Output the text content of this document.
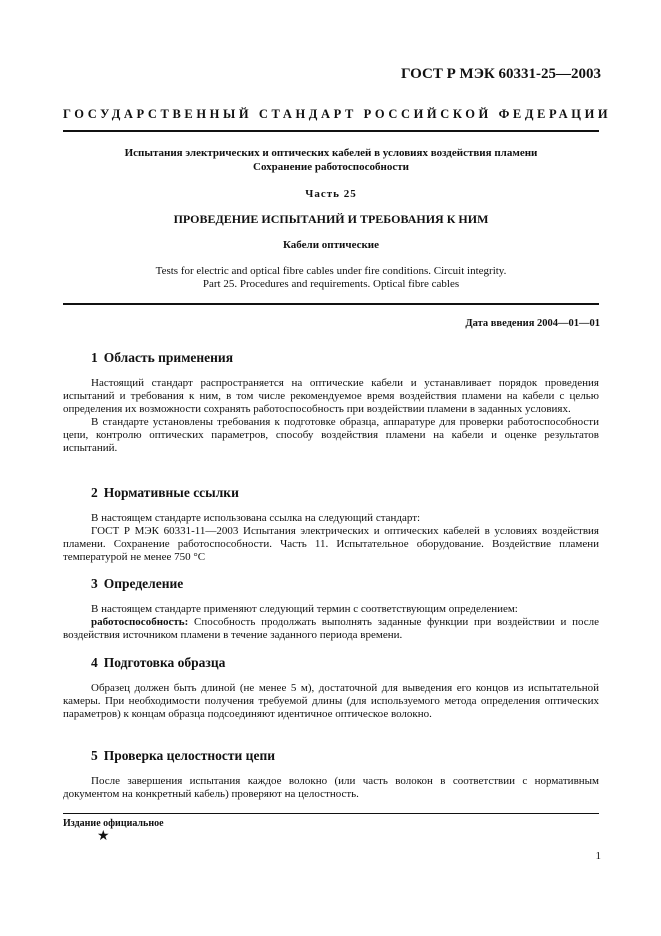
ГОСТ Р МЭК 60331-25—2003
ГОСУДАРСТВЕННЫЙ СТАНДАРТ РОССИЙСКОЙ ФЕДЕРАЦИИ
Испытания электрических и оптических кабелей в условиях воздействия пламени
Сохранение работоспособности
Часть 25
ПРОВЕДЕНИЕ ИСПЫТАНИЙ И ТРЕБОВАНИЯ К НИМ
Кабели оптические
Tests for electric and optical fibre cables under fire conditions. Circuit integrity.
Part 25. Procedures and requirements. Optical fibre cables
Дата введения 2004—01—01
1 Область применения

Настоящий стандарт распространяется на оптические кабели и устанавливает порядок проведения испытаний и требования к ним, в том числе рекомендуемое время воздействия пламени на кабели с целью определения их возможности сохранять работоспособность при воздействии пламени в заданных условиях.

В стандарте установлены требования к подготовке образца, аппаратуре для проверки работоспособности цепи, контролю оптических параметров, способу воздействия пламени на кабели и оценке результатов испытаний.

2 Нормативные ссылки

В настоящем стандарте использована ссылка на следующий стандарт:

ГОСТ Р МЭК 60331-11—2003 Испытания электрических и оптических кабелей в условиях воздействия пламени. Сохранение работоспособности. Часть 11. Испытательное оборудование. Воздействие пламени температурой не менее 750 °С

3 Определение

В настоящем стандарте применяют следующий термин с соответствующим определением:

работоспособность: Способность продолжать выполнять заданные функции при воздействии и после воздействия источником пламени в течение заданного периода времени.

4 Подготовка образца

Образец должен быть длиной (не менее 5 м), достаточной для выведения его концов из испытательной камеры. При необходимости получения требуемой длины (для используемого метода определения оптических параметров) к концам образца подсоединяют идентичное оптическое волокно.

5 Проверка целостности цепи

После завершения испытания каждое волокно (или часть волокон в соответствии с нормативным документом на конкретный кабель) проверяют на целостность.

Издание официальное
★
1
